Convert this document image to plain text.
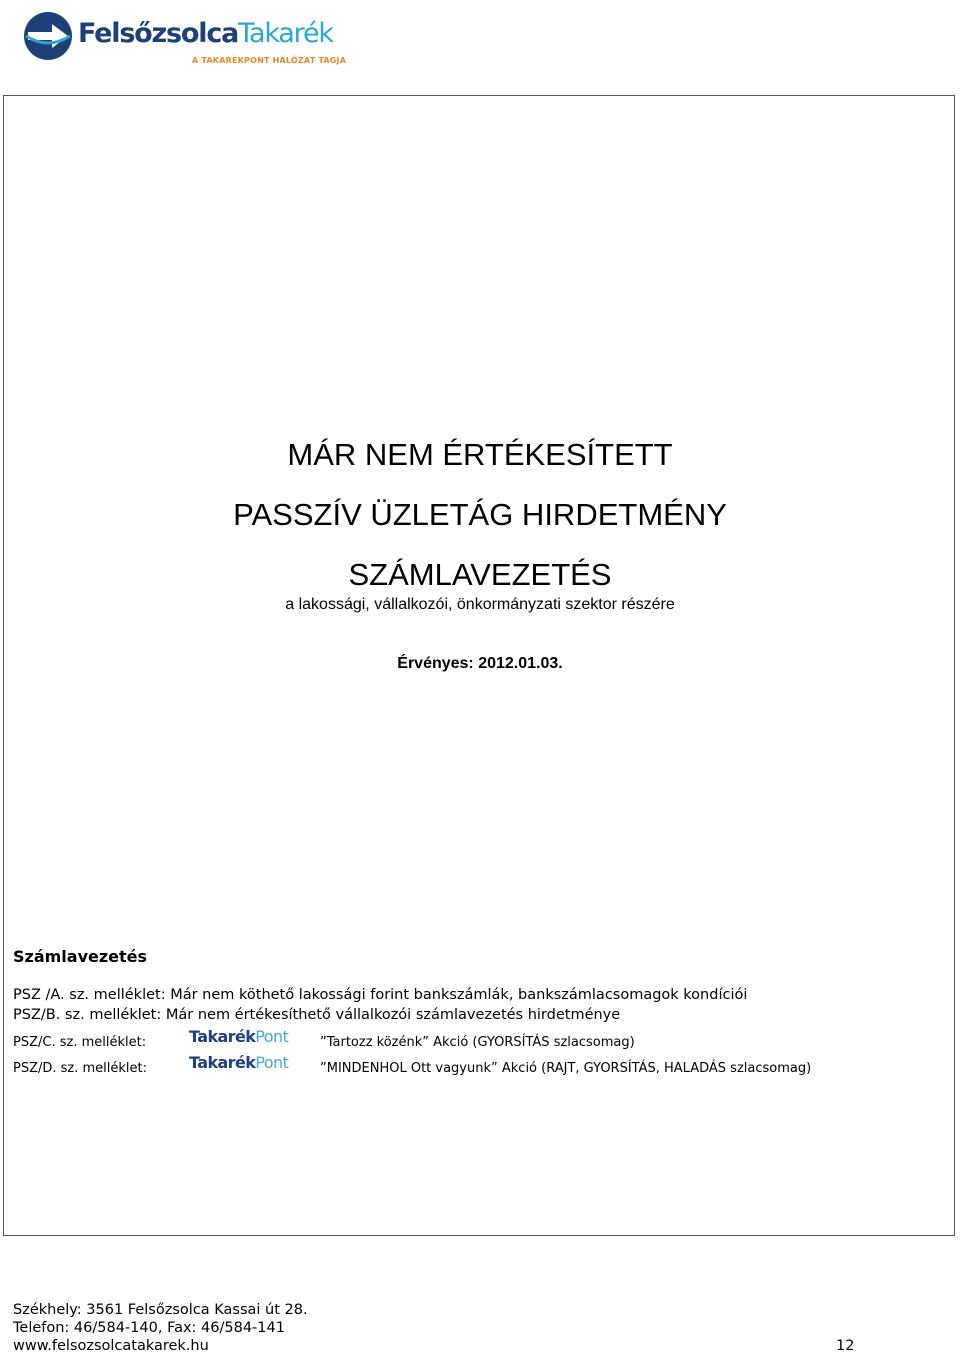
FelsőzsolcaTakarék
A TAKARÉKPONT HÁLÓZAT TAGJA
MÁR NEM ÉRTÉKESÍTETT
PASSZÍV ÜZLETÁG HIRDETMÉNY
SZÁMLAVEZETÉS
a lakossági, vállalkozói, önkormányzati szektor részére
Érvényes: 2012.01.03.
Számlavezetés
PSZ /A. sz. melléklet: Már nem köthető lakossági forint bankszámlák, bankszámlacsomagok kondíciói
PSZ/B. sz. melléklet: Már nem értékesíthető vállalkozói számlavezetés hirdetménye
PSZ/C. sz. melléklet:	TakarékPont ”Tartozz közénk” Akció (GYORSÍTÁS szlacsomag)
PSZ/D. sz. melléklet:	TakarékPont ”MINDENHOL Ott vagyunk” Akció (RAJT, GYORSÍTÁS, HALADÁS szlacsomag)
Székhely: 3561 Felsőzsolca Kassai út 28.
Telefon: 46/584-140, Fax: 46/584-141
www.felsozsolcatakarek.hu	12
